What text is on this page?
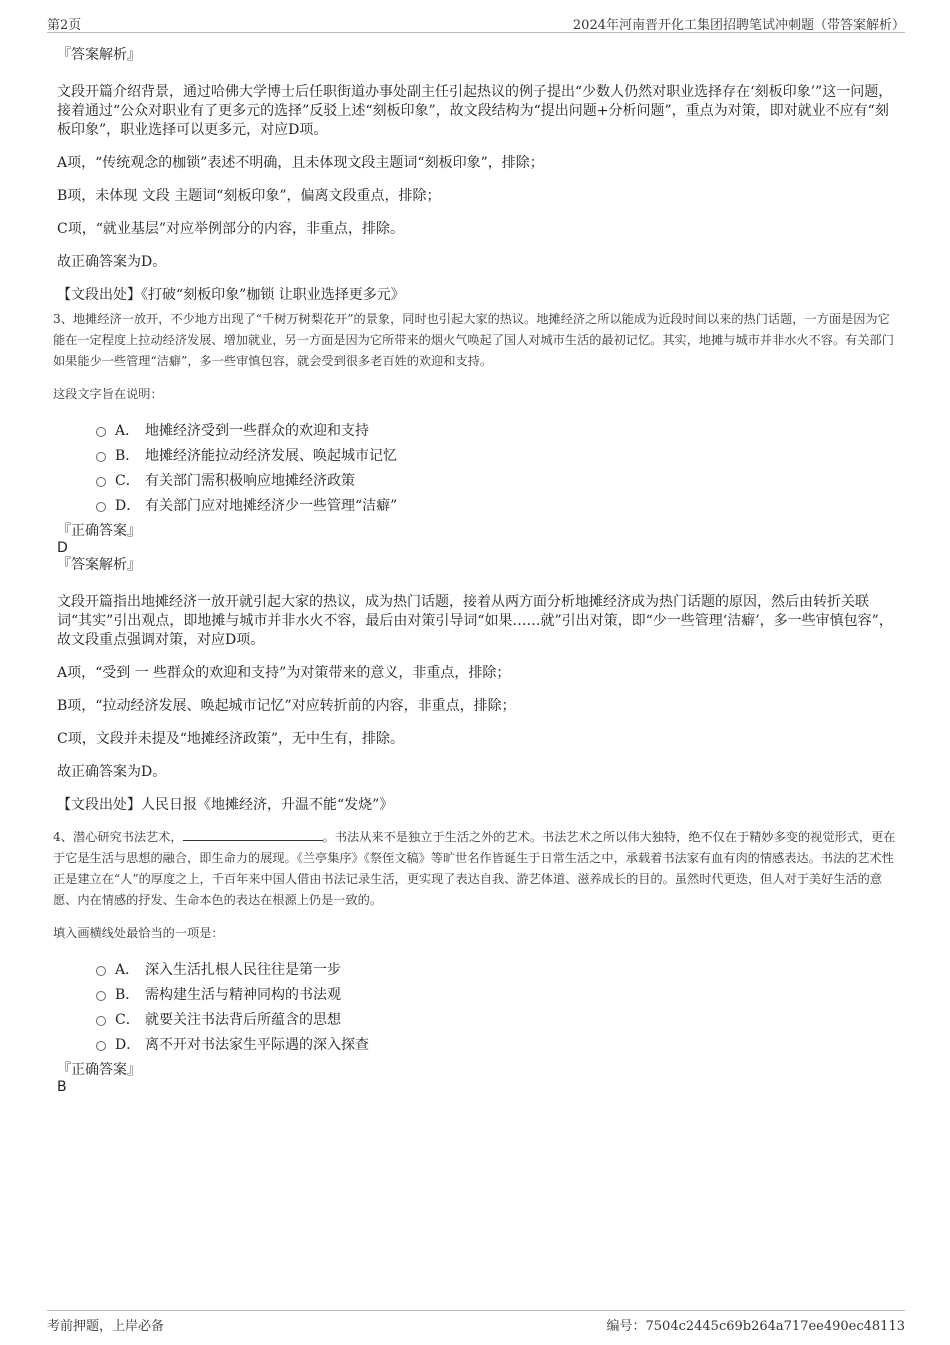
第2页	2024年河南晋开化工集团招聘笔试冲刺题（带答案解析）

『答案解析』

文段开篇介绍背景，通过哈佛大学博士后任职街道办事处副主任引起热议的例子提出“少数人仍然对职业选择存在‘刻板印象’”这一问题，接着通过“公众对职业有了更多元的选择”反驳上述“刻板印象”，故文段结构为“提出问题+分析问题”，重点为对策，即对就业不应有“刻板印象”，职业选择可以更多元，对应D项。

A项，“传统观念的枷锁”表述不明确，且未体现文段主题词“刻板印象”，排除；

B项，未体现 文段 主题词“刻板印象”，偏离文段重点，排除；

C项，“就业基层”对应举例部分的内容，非重点，排除。

故正确答案为D。

【文段出处】《打破“刻板印象”枷锁 让职业选择更多元》

3、地摊经济一放开，不少地方出现了“千树万树梨花开”的景象，同时也引起大家的热议。地摊经济之所以能成为近段时间以来的热门话题，一方面是因为它能在一定程度上拉动经济发展、增加就业，另一方面是因为它所带来的烟火气唤起了国人对城市生活的最初记忆。其实，地摊与城市并非水火不容。有关部门如果能少一些管理“洁癖”，多一些审慎包容，就会受到很多老百姓的欢迎和支持。

这段文字旨在说明：

A． 地摊经济受到一些群众的欢迎和支持
B． 地摊经济能拉动经济发展、唤起城市记忆
C． 有关部门需积极响应地摊经济政策
D． 有关部门应对地摊经济少一些管理“洁癖”

『正确答案』

D

『答案解析』

文段开篇指出地摊经济一放开就引起大家的热议，成为热门话题，接着从两方面分析地摊经济成为热门话题的原因，然后由转折关联词“其实”引出观点，即地摊与城市并非水火不容，最后由对策引导词“如果……就”引出对策，即“少一些管理‘洁癖’，多一些审慎包容”，故文段重点强调对策，对应D项。

A项，“受到 一 些群众的欢迎和支持”为对策带来的意义，非重点，排除；

B项，“拉动经济发展、唤起城市记忆”对应转折前的内容，非重点，排除；

C项，文段并未提及“地摊经济政策”，无中生有，排除。

故正确答案为D。

【文段出处】人民日报《地摊经济，升温不能“发烧”》

4、潜心研究书法艺术，	。书法从来不是独立于生活之外的艺术。书法艺术之所以伟大独特，绝不仅在于精妙多变的视觉形式，更在于它是生活与思想的融合，即生命力的展现。《兰亭集序》《祭侄文稿》等旷世名作皆诞生于日常生活之中，承载着书法家有血有肉的情感表达。书法的艺术性正是建立在“人”的厚度之上，千百年来中国人借由书法记录生活，更实现了表达自我、游艺体道、滋养成长的目的。虽然时代更迭，但人对于美好生活的意愿、内在情感的抒发、生命本色的表达在根源上仍是一致的。

填入画横线处最恰当的一项是：

A． 深入生活扎根人民往往是第一步
B． 需构建生活与精神同构的书法观
C． 就要关注书法背后所蕴含的思想
D． 离不开对书法家生平际遇的深入探查

『正确答案』

B

考前押题，上岸必备	编号：7504c2445c69b264a717ee490ec48113
